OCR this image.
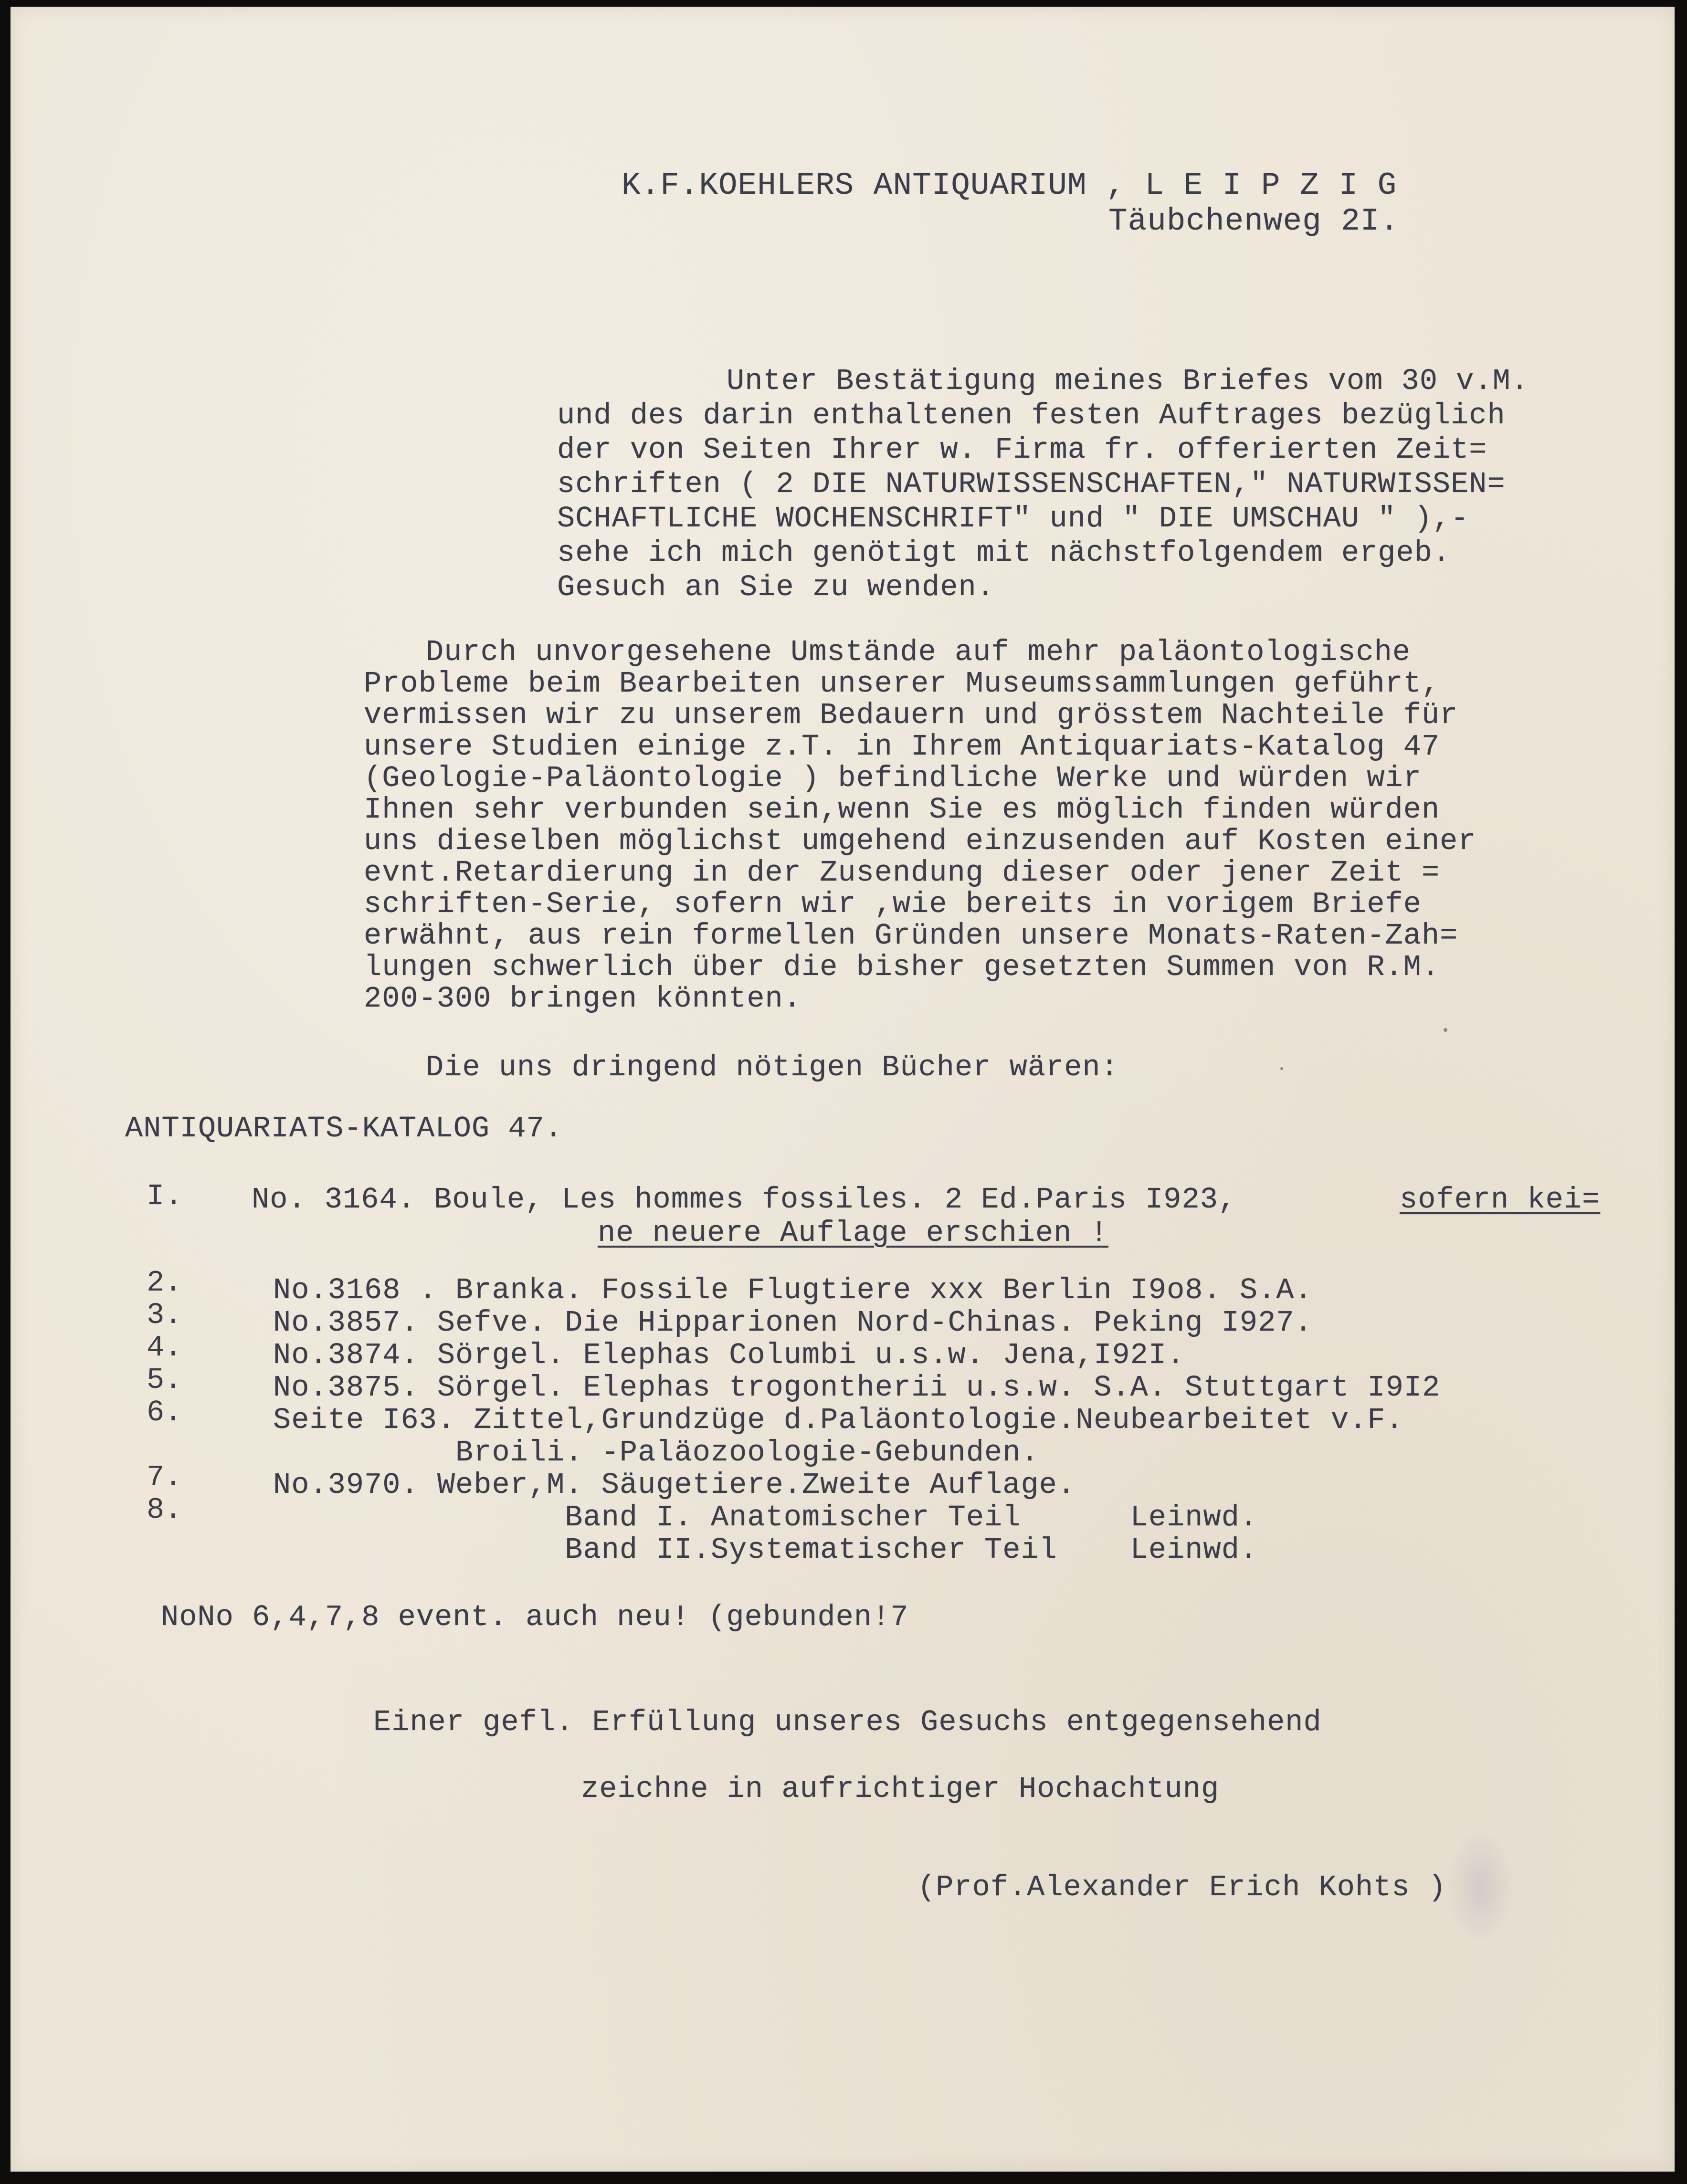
K.F.KOEHLERS ANTIQUARIUM , L E I P Z I G
Täubchenweg 2I.
Unter Bestätigung meines Briefes vom 30 v.M.
und des darin enthaltenen festen Auftrages bezüglich
der von Seiten Ihrer w. Firma fr. offerierten Zeit=
schriften ( 2 DIE NATURWISSENSCHAFTEN," NATURWISSEN=
SCHAFTLICHE WOCHENSCHRIFT" und " DIE UMSCHAU " ),-
sehe ich mich genötigt mit nächstfolgendem ergeb.
Gesuch an Sie zu wenden.
Durch unvorgesehene Umstände auf mehr paläontologische
Probleme beim Bearbeiten unserer Museumssammlungen geführt,
vermissen wir zu unserem Bedauern und grösstem Nachteile für
unsere Studien einige z.T. in Ihrem Antiquariats-Katalog 47
(Geologie-Paläontologie ) befindliche Werke und würden wir
Ihnen sehr verbunden sein,wenn Sie es möglich finden würden
uns dieselben möglichst umgehend einzusenden auf Kosten einer
evnt.Retardierung in der Zusendung dieser oder jener Zeit =
schriften-Serie, sofern wir ,wie bereits in vorigem Briefe
erwähnt, aus rein formellen Gründen unsere Monats-Raten-Zah=
lungen schwerlich über die bisher gesetzten Summen von R.M.
200-300 bringen könnten.
Die uns dringend nötigen Bücher wären:
ANTIQUARIATS-KATALOG 47.
I. No. 3164. Boule, Les hommes fossiles. 2 Ed.Paris I923,	sofern kei=
ne neuere Auflage erschien !
2.
3.
4.
5.
6.
7.
8.
No.3168 . Branka. Fossile Flugtiere xxx Berlin I9o8. S.A.
No.3857. Sefve. Die Hipparionen Nord-Chinas. Peking I927.
No.3874. Sörgel. Elephas Columbi u.s.w. Jena,I92I.
No.3875. Sörgel. Elephas trogontherii u.s.w. S.A. Stuttgart I9I2
Seite I63. Zittel,Grundzüge d.Paläontologie.Neubearbeitet v.F.
Broili. -Paläozoologie-Gebunden.
No.3970. Weber,M. Säugetiere.Zweite Auflage.
Band I. Anatomischer Teil      Leinwd.
Band II.Systematischer Teil    Leinwd.
NoNo 6,4,7,8 event. auch neu! (gebunden!7
Einer gefl. Erfüllung unseres Gesuchs entgegensehend
zeichne in aufrichtiger Hochachtung
(Prof.Alexander Erich Kohts )
